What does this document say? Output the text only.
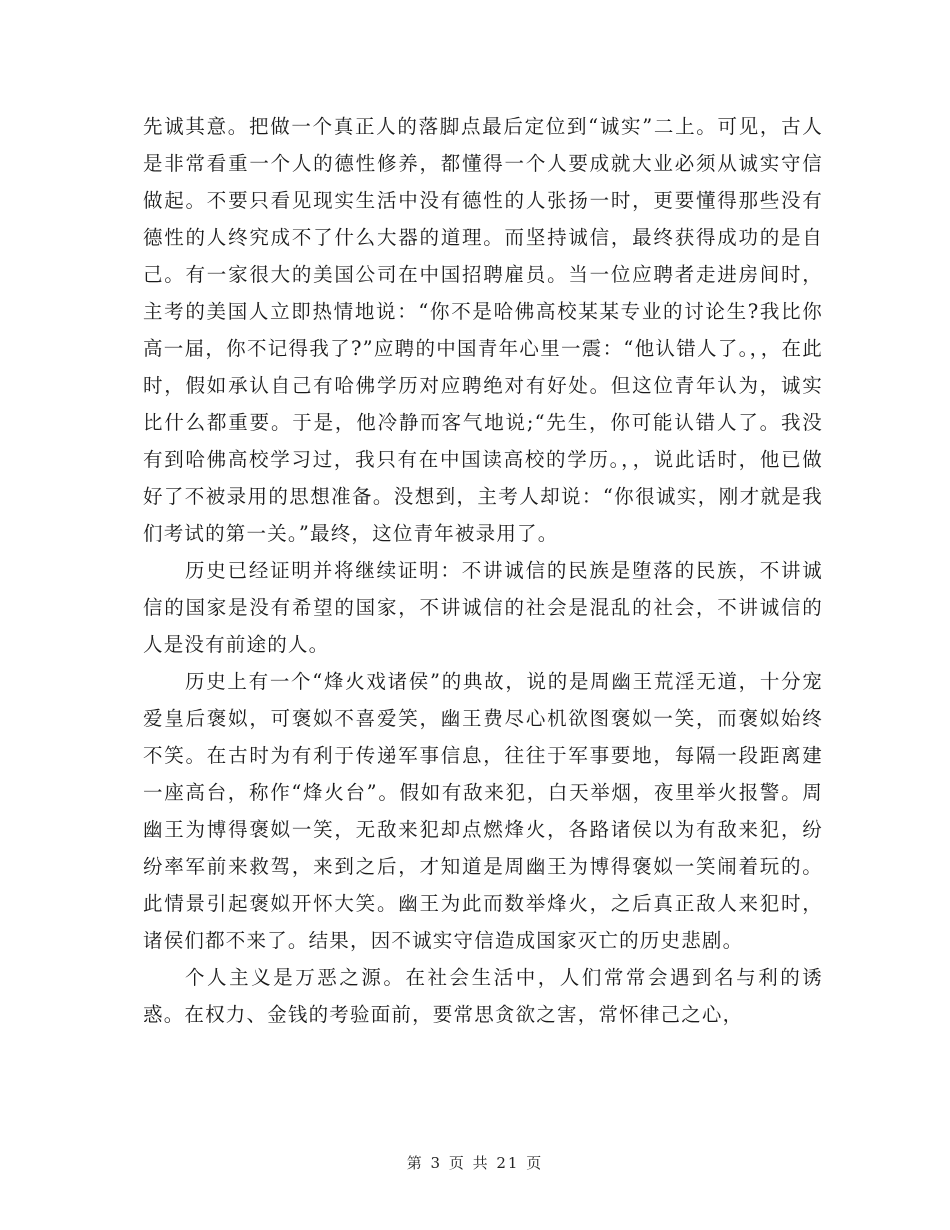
先诚其意。把做一个真正人的落脚点最后定位到“诚实”二上。可见，古人是非常看重一个人的德性修养，都懂得一个人要成就大业必须从诚实守信做起。不要只看见现实生活中没有德性的人张扬一时，更要懂得那些没有德性的人终究成不了什么大器的道理。而坚持诚信，最终获得成功的是自己。有一家很大的美国公司在中国招聘雇员。当一位应聘者走进房间时，主考的美国人立即热情地说：“你不是哈佛高校某某专业的讨论生?我比你高一届，你不记得我了?”应聘的中国青年心里一震：“他认错人了。，，在此时，假如承认自己有哈佛学历对应聘绝对有好处。但这位青年认为，诚实比什么都重要。于是，他冷静而客气地说;“先生，你可能认错人了。我没有到哈佛高校学习过，我只有在中国读高校的学历。，，说此话时，他已做好了不被录用的思想准备。没想到，主考人却说：“你很诚实，刚才就是我们考试的第一关。”最终，这位青年被录用了。

历史已经证明并将继续证明：不讲诚信的民族是堕落的民族，不讲诚信的国家是没有希望的国家，不讲诚信的社会是混乱的社会，不讲诚信的人是没有前途的人。

历史上有一个“烽火戏诸侯”的典故，说的是周幽王荒淫无道，十分宠爱皇后褒姒，可褒姒不喜爱笑，幽王费尽心机欲图褒姒一笑，而褒姒始终不笑。在古时为有利于传递军事信息，往往于军事要地，每隔一段距离建一座高台，称作“烽火台”。假如有敌来犯，白天举烟，夜里举火报警。周幽王为博得褒姒一笑，无敌来犯却点燃烽火，各路诸侯以为有敌来犯，纷纷率军前来救驾，来到之后，才知道是周幽王为博得褒姒一笑闹着玩的。此情景引起褒姒开怀大笑。幽王为此而数举烽火，之后真正敌人来犯时，诸侯们都不来了。结果，因不诚实守信造成国家灭亡的历史悲剧。

个人主义是万恶之源。在社会生活中，人们常常会遇到名与利的诱惑。在权力、金钱的考验面前，要常思贪欲之害，常怀律己之心，

第 3 页 共 21 页
